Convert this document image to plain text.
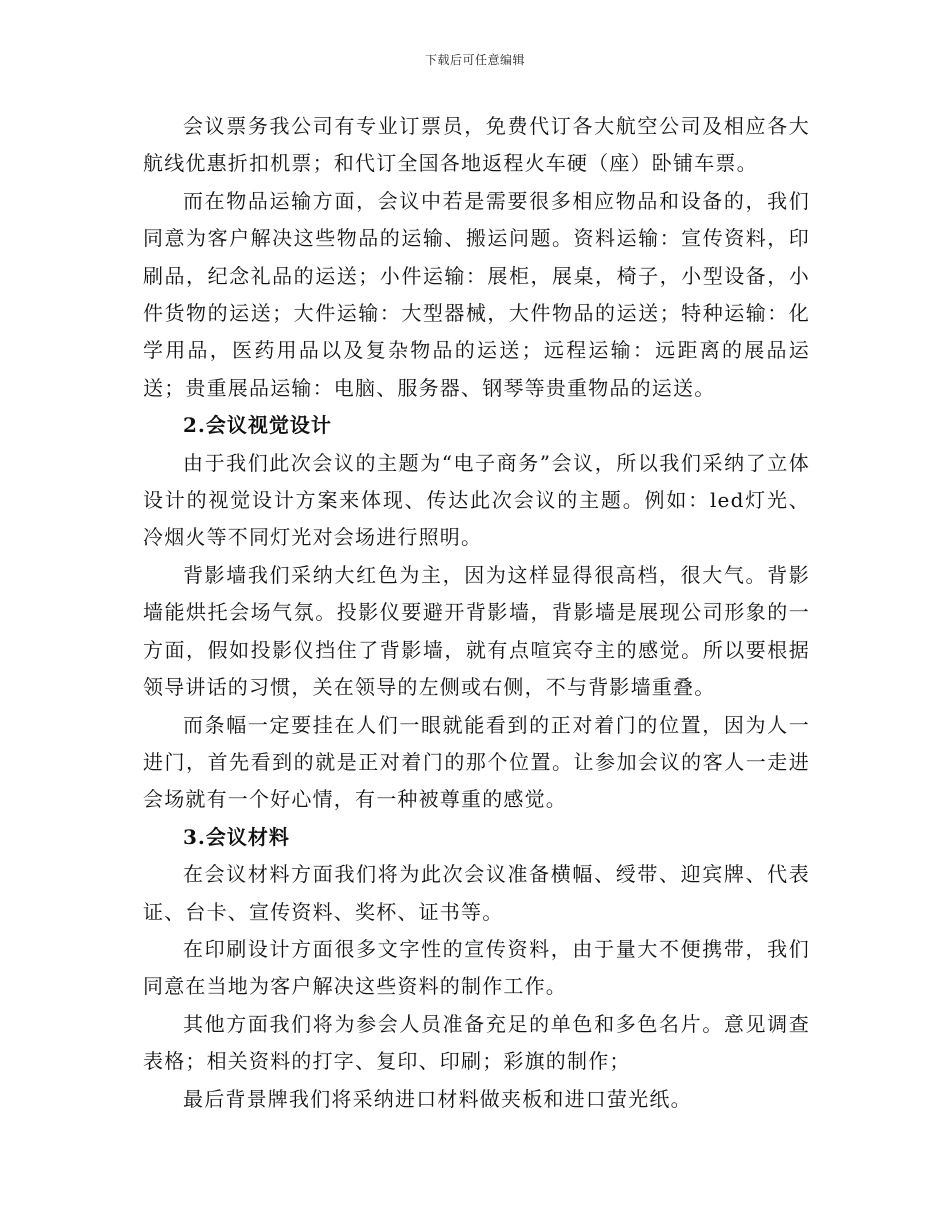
下载后可任意编辑

会议票务我公司有专业订票员，免费代订各大航空公司及相应各大航线优惠折扣机票；和代订全国各地返程火车硬（座）卧铺车票。

而在物品运输方面，会议中若是需要很多相应物品和设备的，我们同意为客户解决这些物品的运输、搬运问题。资料运输：宣传资料，印刷品，纪念礼品的运送；小件运输：展柜，展桌，椅子，小型设备，小件货物的运送；大件运输：大型器械，大件物品的运送；特种运输：化学用品，医药用品以及复杂物品的运送；远程运输：远距离的展品运送；贵重展品运输：电脑、服务器、钢琴等贵重物品的运送。

2.会议视觉设计

由于我们此次会议的主题为“电子商务”会议，所以我们采纳了立体设计的视觉设计方案来体现、传达此次会议的主题。例如：led灯光、冷烟火等不同灯光对会场进行照明。

背影墙我们采纳大红色为主，因为这样显得很高档，很大气。背影墙能烘托会场气氛。投影仪要避开背影墙，背影墙是展现公司形象的一方面，假如投影仪挡住了背影墙，就有点喧宾夺主的感觉。所以要根据领导讲话的习惯，关在领导的左侧或右侧，不与背影墙重叠。

而条幅一定要挂在人们一眼就能看到的正对着门的位置，因为人一进门，首先看到的就是正对着门的那个位置。让参加会议的客人一走进会场就有一个好心情，有一种被尊重的感觉。

3.会议材料

在会议材料方面我们将为此次会议准备横幅、绶带、迎宾牌、代表证、台卡、宣传资料、奖杯、证书等。

在印刷设计方面很多文字性的宣传资料，由于量大不便携带，我们同意在当地为客户解决这些资料的制作工作。

其他方面我们将为参会人员准备充足的单色和多色名片。意见调查表格；相关资料的打字、复印、印刷；彩旗的制作；

最后背景牌我们将采纳进口材料做夹板和进口萤光纸。
